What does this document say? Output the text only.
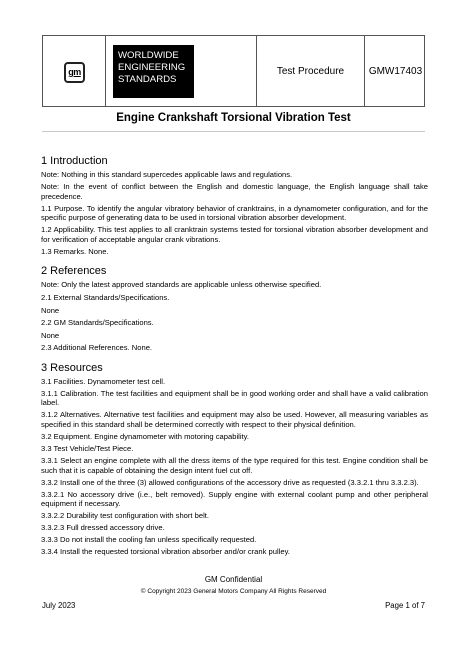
gm
WORLDWIDE
ENGINEERING
STANDARDS
Test Procedure	GMW17403
Engine Crankshaft Torsional Vibration Test
1 Introduction

Note: Nothing in this standard supercedes applicable laws and regulations.

Note: In the event of conflict between the English and domestic language, the English language shall take precedence.

1.1 Purpose. To identify the angular vibratory behavior of cranktrains, in a dynamometer configuration, and for the specific purpose of generating data to be used in torsional vibration absorber development.

1.2 Applicability. This test applies to all cranktrain systems tested for torsional vibration absorber development and for verification of acceptable angular crank vibrations.

1.3 Remarks. None.

2 References

Note: Only the latest approved standards are applicable unless otherwise specified.

2.1 External Standards/Specifications.

None

2.2 GM Standards/Specifications.

None

2.3 Additional References. None.

3 Resources

3.1 Facilities. Dynamometer test cell.

3.1.1 Calibration. The test facilities and equipment shall be in good working order and shall have a valid calibration label.

3.1.2 Alternatives. Alternative test facilities and equipment may also be used. However, all measuring variables as specified in this standard shall be determined correctly with respect to their physical definition.

3.2 Equipment. Engine dynamometer with motoring capability.

3.3 Test Vehicle/Test Piece.

3.3.1 Select an engine complete with all the dress items of the type required for this test. Engine condition shall be such that it is capable of obtaining the design intent fuel cut off.

3.3.2 Install one of the three (3) allowed configurations of the accessory drive as requested (3.3.2.1 thru 3.3.2.3).

3.3.2.1 No accessory drive (i.e., belt removed). Supply engine with external coolant pump and other peripheral equipment if necessary.

3.3.2.2 Durability test configuration with short belt.

3.3.2.3 Full dressed accessory drive.

3.3.3 Do not install the cooling fan unless specifically requested.

3.3.4 Install the requested torsional vibration absorber and/or crank pulley.

GM Confidential
© Copyright 2023 General Motors Company All Rights Reserved
July 2023	Page 1 of 7
